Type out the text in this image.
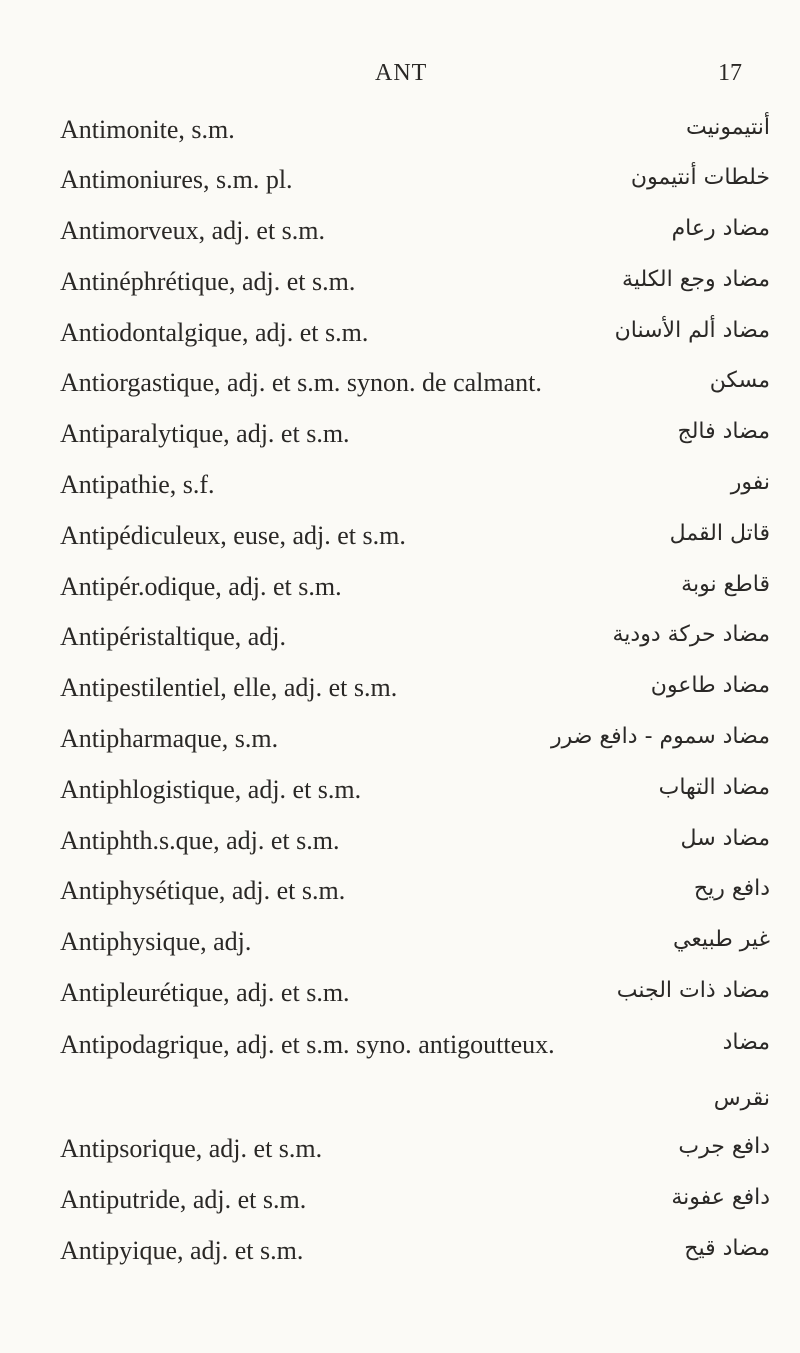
ANT	17
Antimonite, s.m.	أنتيمونيت
Antimoniures, s.m. pl.	خلطات أنتيمون
Antimorveux, adj. et s.m.	مضاد رعام
Antinéphrétique, adj. et s.m.	مضاد وجع الكلية
Antiodontalgique, adj. et s.m.	مضاد ألم الأسنان
Antiorgastique, adj. et s.m. synon. de calmant.	مسكن
Antiparalytique, adj. et s.m.	مضاد فالج
Antipathie, s.f.	نفور
Antipédiculeux, euse, adj. et s.m.	قاتل القمل
Antipér.odique, adj. et s.m.	قاطع نوبة
Antipéristaltique, adj.	مضاد حركة دودية
Antipestilentiel, elle, adj. et s.m.	مضاد طاعون
Antipharmaque, s.m.	مضاد سموم - دافع ضرر
Antiphlogistique, adj. et s.m.	مضاد التهاب
Antiphth.s.que, adj. et s.m.	مضاد سل
Antiphysétique, adj. et s.m.	دافع ريح
Antiphysique, adj.	غير طبيعي
Antipleurétique, adj. et s.m.	مضاد ذات الجنب
Antipodagrique, adj. et s.m. syno. antigoutteux.	مضاد
نقرس
Antipsorique, adj. et s.m.	دافع جرب
Antiputride, adj. et s.m.	دافع عفونة
Antipyique, adj. et s.m.	مضاد قيح
